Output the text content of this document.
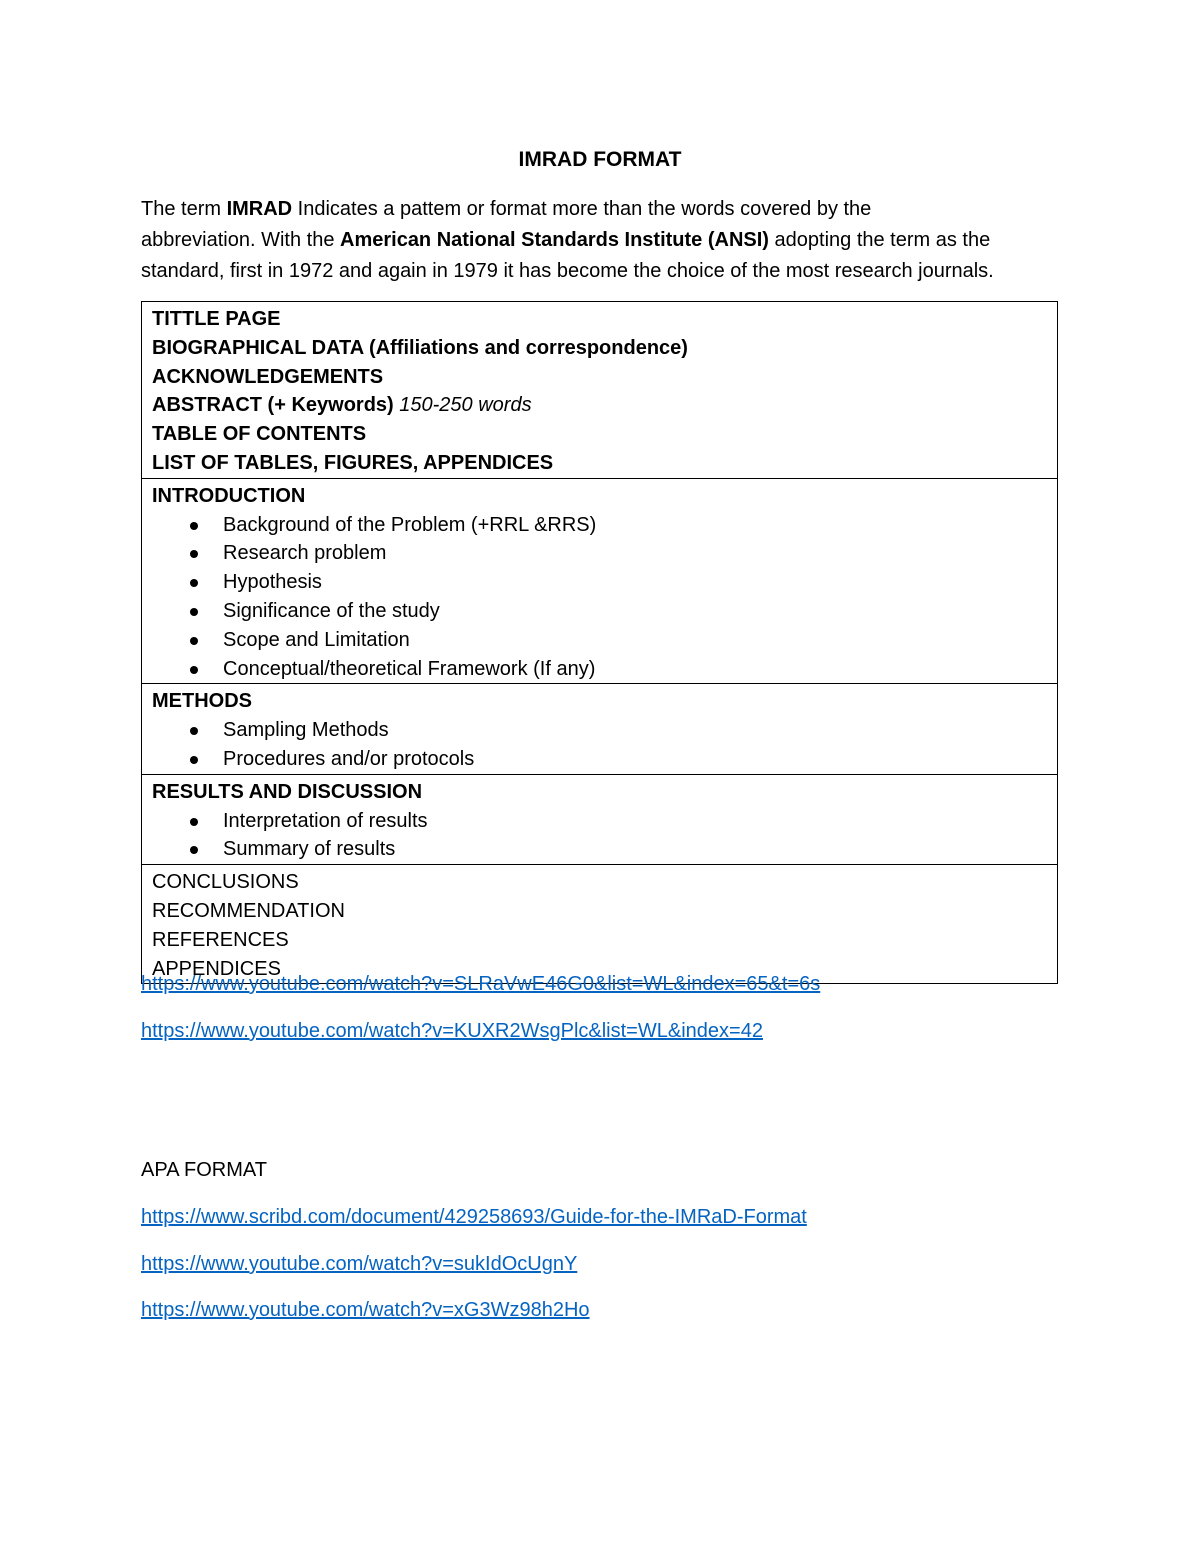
IMRAD FORMAT
The term IMRAD Indicates a pattem or format more than the words covered by the
abbreviation. With the American National Standards Institute (ANSI) adopting the term as the
standard, first in 1972 and again in 1979 it has become the choice of the most research journals.
TITTLE PAGE
BIOGRAPHICAL DATA (Affiliations and correspondence)
ACKNOWLEDGEMENTS
ABSTRACT (+ Keywords) 150-250 words
TABLE OF CONTENTS
LIST OF TABLES, FIGURES, APPENDICES

INTRODUCTION
Background of the Problem (+RRL &RRS)
Research problem
Hypothesis
Significance of the study
Scope and Limitation
Conceptual/theoretical Framework (If any)

METHODS
Sampling Methods
Procedures and/or protocols

RESULTS AND DISCUSSION
Interpretation of results
Summary of results

CONCLUSIONS
RECOMMENDATION
REFERENCES
APPENDICES
https://www.youtube.com/watch?v=SLRaVwE46G0&list=WL&index=65&t=6s
https://www.youtube.com/watch?v=KUXR2WsgPlc&list=WL&index=42
APA FORMAT
https://www.scribd.com/document/429258693/Guide-for-the-IMRaD-Format
https://www.youtube.com/watch?v=sukIdOcUgnY
https://www.youtube.com/watch?v=xG3Wz98h2Ho
